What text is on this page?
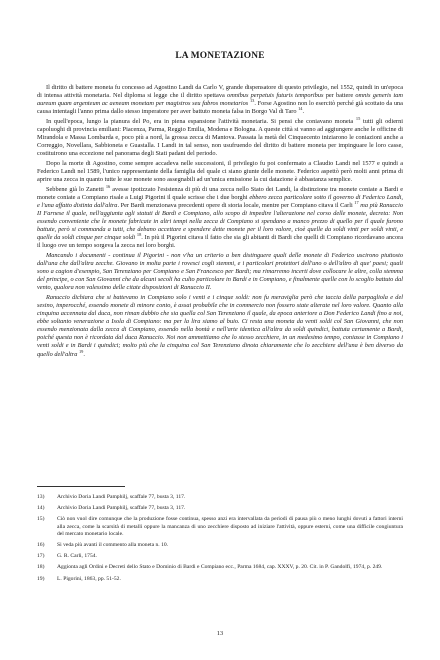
LA MONETAZIONE

Il diritto di battere moneta fu concesso ad Agostino Landi da Carlo V, grande dispensatore di questo privilegio, nel 1552, quindi in un'epoca di intensa attività monetaria. Nel diploma si legge che il diritto spettava omnibus perpetuis futuris temporibus per battere omnis generis tam aureum quam argenteum ac aeneam monetam per magistros seu fabros monetarios $^{13}$. Forse Agostino non lo esercitò perché già scottato da una causa intentagli l'anno prima dallo stesso imperatore per aver battuto moneta falsa in Borgo Val di Taro $^{14}$.

In quell'epoca, lungo la pianura del Po, era in piena espansione l'attività monetaria. Si pensi che coniavano moneta $^{15}$ tutti gli odierni capoluoghi di provincia emiliani: Piacenza, Parma, Reggio Emilia, Modena e Bologna. A queste città si vanno ad aggiungere anche le officine di Mirandola e Massa Lombarda e, poco più a nord, la grossa zecca di Mantova. Passata la metà del Cinquecento iniziarono le coniazioni anche a Correggio, Novellara, Sabbioneta e Guastalla. I Landi in tal senso, non usufruendo del diritto di battere moneta per impinguare le loro casse, costituirono una eccezione nel panorama degli Stati padani del periodo.

Dopo la morte di Agostino, come sempre accadeva nelle successioni, il privilegio fu poi confermato a Claudio Landi nel 1577 e quindi a Federico Landi nel 1589, l'unico rappresentante della famiglia del quale ci siano giunte delle monete. Federico aspettò però molti anni prima di aprire una zecca in quanto tutte le sue monete sono assegnabili ad un'unica emissione la cui datazione è abbastanza semplice.

Sebbene già lo Zanetti $^{16}$ avesse ipotizzato l'esistenza di più di una zecca nello Stato dei Landi, la distinzione tra monete coniate a Bardi e monete coniate a Compiano risale a Luigi Pigorini il quale scrisse che i due borghi ebbero zecca particolare sotto il governo di Federico Landi, e l'una affatto distinta dall'altra. Per Bardi menzionava precedenti opere di storia locale, mentre per Compiano citava il Carli $^{17}$ ma più Ranuccio II Farnese il quale, nell'aggiunta agli statuti di Bardi e Compiano, allo scopo di impedire l'alterazione nel corso delle monete, decreta: Non essendo conveniente che le monete fabricate in altri tempi nella zecca di Compiano si spendano a manco prezzo di quello per il quale furono battute, però si commanda a tutti, che debano accettare e spendere dette monete per il loro valore, cioè quelle da soldi vinti per soldi vinti, e quelle da soldi cinque per cinque soldi $^{18}$. In più il Pigorini citava il fatto che sia gli abitanti di Bardi che quelli di Compiano ricordavano ancora il luogo ove un tempo sorgeva la zecca nei loro borghi.

Mancando i documenti - continua il Pigorini - non v'ha un criterio a ben distinguere quali delle monete di Federico uscirono piuttosto dall'una che dall'altra zecche. Giovano in molta parte i rovesci cogli stemmi, e i particolari protettori dell'uno o dell'altro di que' paesi; quali sono a cagion d'esempio, San Terenziano per Compiano e San Francesco per Bardi; ma rimarremo incerti dove collocare le altre, colla stemma del principe, o con San Giovanni che da alcuni secoli ha culto particolare in Bardi e in Compiano, e finalmente quelle con lo scoglio battuto dal vento, qualora non valessimo delle citate disposizioni di Ranuccio II.

Ranuccio dichiara che si battevano in Compiano solo i venti e i cinque soldi: non fu meraviglia però che taccia della parpagliola e del sesino, imperocché, essendo monete di minore conto, è assai probabile che in commercio non fossero state alterate nel loro valore. Quanto alla cinquina accennata dal duca, non riman dubbio che sia quella col San Terenziano il quale, da epoca anteriore a Don Federico Landi fino a noi, ebbe soltanto venerazione a Isola di Compiano: ma per la lira siamo al buio. Ci resta una moneta da venti soldi col San Giovanni, che non essendo menzionata dalla zecca di Compiano, essendo nella bontà e nell'arte identica all'altra da soldi quindici, battuta certamente a Bardi, poiché questa non è ricordata dal duca Ranuccio. Noi non ammettiamo che lo stesso zecchiere, in un medesimo tempo, coniasse in Compiano i venti soldi e in Bardi i quindici; molto più che la cinquina col San Terenziano dinota chiaramente che lo zecchiere dell'una è ben diverso da quello dell'altra $^{19}$.

13)	Archivio Doria Landi Pamphilj, scaffale 77, busta 3, 117.
14)	Archivio Doria Landi Pamphilj, scaffale 77, busta 3, 117.
15)	Ciò non vuol dire comunque che la produzione fosse continua, spesso anzi era intervallata da periodi di pausa più o meno lunghi dovuti a fattori interni alla zecca, come la scarsità di metalli oppure la mancanza di uno zecchiere disposto ad iniziare l'attività, oppure esterni, come una difficile congiuntura del mercato monetario locale.
16)	Si veda più avanti il commento alla moneta n. 10.
17)	G. R. Carli, 1754.
18)	Aggionta agli Ordini e Decreti dello Stato e Dominio di Bardi e Compiano ecc., Parma 1684, cap. XXXV, p. 20. Cit. in P. Gandolfi, 1974, p. 249.
19)	L. Pigorini, 1863, pp. 51-52.
13
